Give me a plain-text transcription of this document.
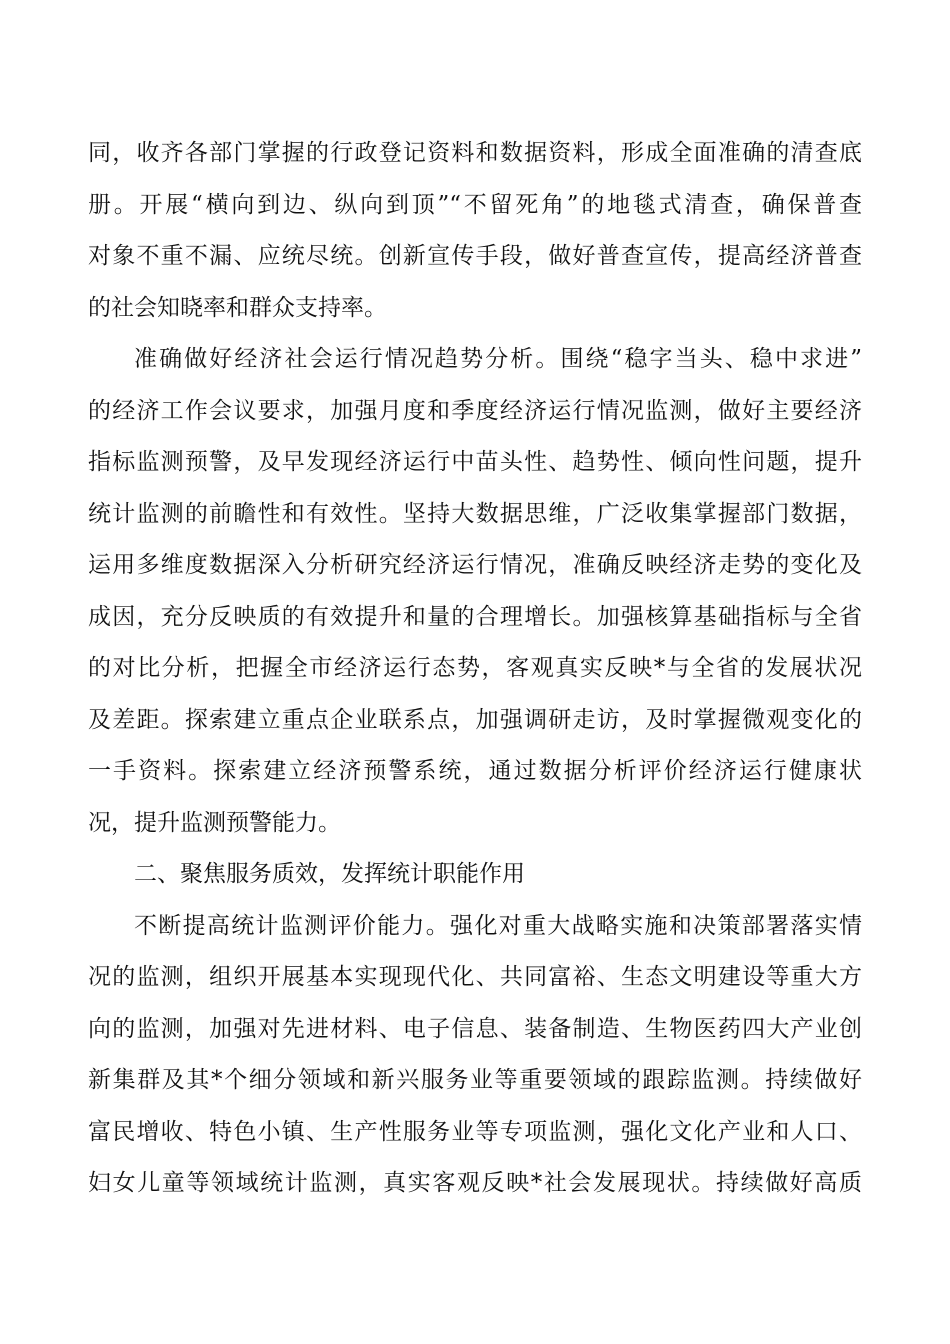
同，收齐各部门掌握的行政登记资料和数据资料，形成全面准确的清查底
册。开展“横向到边、纵向到顶”“不留死角”的地毯式清查，确保普查
对象不重不漏、应统尽统。创新宣传手段，做好普查宣传，提高经济普查
的社会知晓率和群众支持率。
准确做好经济社会运行情况趋势分析。围绕“稳字当头、稳中求进”
的经济工作会议要求，加强月度和季度经济运行情况监测，做好主要经济
指标监测预警，及早发现经济运行中苗头性、趋势性、倾向性问题，提升
统计监测的前瞻性和有效性。坚持大数据思维，广泛收集掌握部门数据，
运用多维度数据深入分析研究经济运行情况，准确反映经济走势的变化及
成因，充分反映质的有效提升和量的合理增长。加强核算基础指标与全省
的对比分析，把握全市经济运行态势，客观真实反映*与全省的发展状况
及差距。探索建立重点企业联系点，加强调研走访，及时掌握微观变化的
一手资料。探索建立经济预警系统，通过数据分析评价经济运行健康状
况，提升监测预警能力。
二、聚焦服务质效，发挥统计职能作用
不断提高统计监测评价能力。强化对重大战略实施和决策部署落实情
况的监测，组织开展基本实现现代化、共同富裕、生态文明建设等重大方
向的监测，加强对先进材料、电子信息、装备制造、生物医药四大产业创
新集群及其*个细分领域和新兴服务业等重要领域的跟踪监测。持续做好
富民增收、特色小镇、生产性服务业等专项监测，强化文化产业和人口、
妇女儿童等领域统计监测，真实客观反映*社会发展现状。持续做好高质
